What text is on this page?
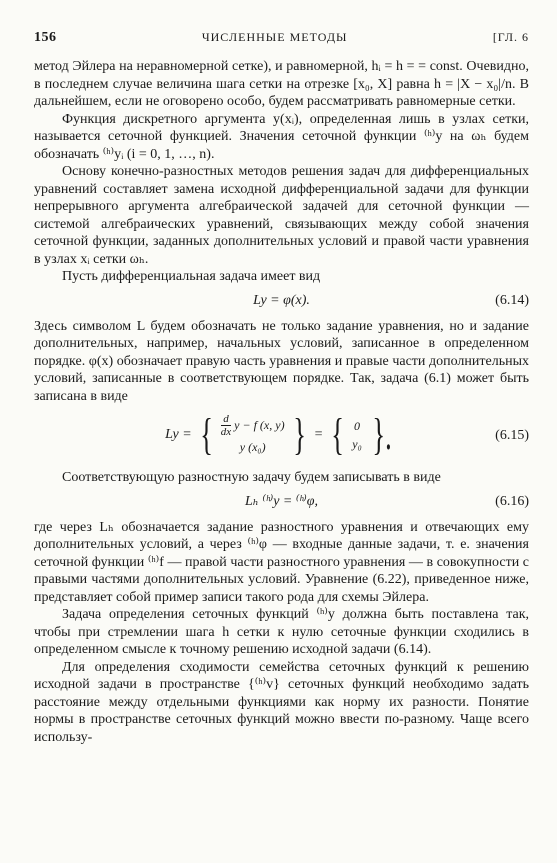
156	ЧИСЛЕННЫЕ МЕТОДЫ	[ГЛ. 6

метод Эйлера на неравномерной сетке), и равномерной, hᵢ = h = = const. Очевидно, в последнем случае величина шага сетки на отрезке [x₀, X] равна h = |X − x₀|/n. В дальнейшем, если не оговорено особо, будем рассматривать равномерные сетки.

Функция дискретного аргумента y(xᵢ), определенная лишь в узлах сетки, называется сеточной функцией. Значения сеточной функции ⁽ʰ⁾y на ωₕ будем обозначать ⁽ʰ⁾yᵢ (i = 0, 1, …, n).

Основу конечно-разностных методов решения задач для дифференциальных уравнений составляет замена исходной дифференциальной задачи для функции непрерывного аргумента алгебраической задачей для сеточной функции — системой алгебраических уравнений, связывающих между собой значения сеточной функции, заданных дополнительных условий и правой части уравнения в узлах xᵢ сетки ωₕ.

Пусть дифференциальная задача имеет вид

Ly = φ(x).	(6.14)

Здесь символом L будем обозначать не только задание уравнения, но и задание дополнительных, например, начальных условий, записанное в определенном порядке. φ(x) обозначает правую часть уравнения и правые части дополнительных условий, записанные в соответствующем порядке. Так, задача (6.1) может быть записана в виде

Ly = { $\frac{d}{dx}$ y − f (x, y)
y (x₀) } = { 0
y₀ }.	(6.15)

Соответствующую разностную задачу будем записывать в виде

Lₕ ⁽ʰ⁾y = ⁽ʰ⁾φ,	(6.16)

где через Lₕ обозначается задание разностного уравнения и отвечающих ему дополнительных условий, а через ⁽ʰ⁾φ — входные данные задачи, т. е. значения сеточной функции ⁽ʰ⁾f — правой части разностного уравнения — в совокупности с правыми частями дополнительных условий. Уравнение (6.22), приведенное ниже, представляет собой пример записи такого рода для схемы Эйлера.

Задача определения сеточных функций ⁽ʰ⁾y должна быть поставлена так, чтобы при стремлении шага h сетки к нулю сеточные функции сходились в определенном смысле к точному решению исходной задачи (6.14).

Для определения сходимости семейства сеточных функций к решению исходной задачи в пространстве {⁽ʰ⁾v} сеточных функций необходимо задать расстояние между отдельными функциями как норму их разности. Понятие нормы в пространстве сеточных функций можно ввести по-разному. Чаще всего использу-
